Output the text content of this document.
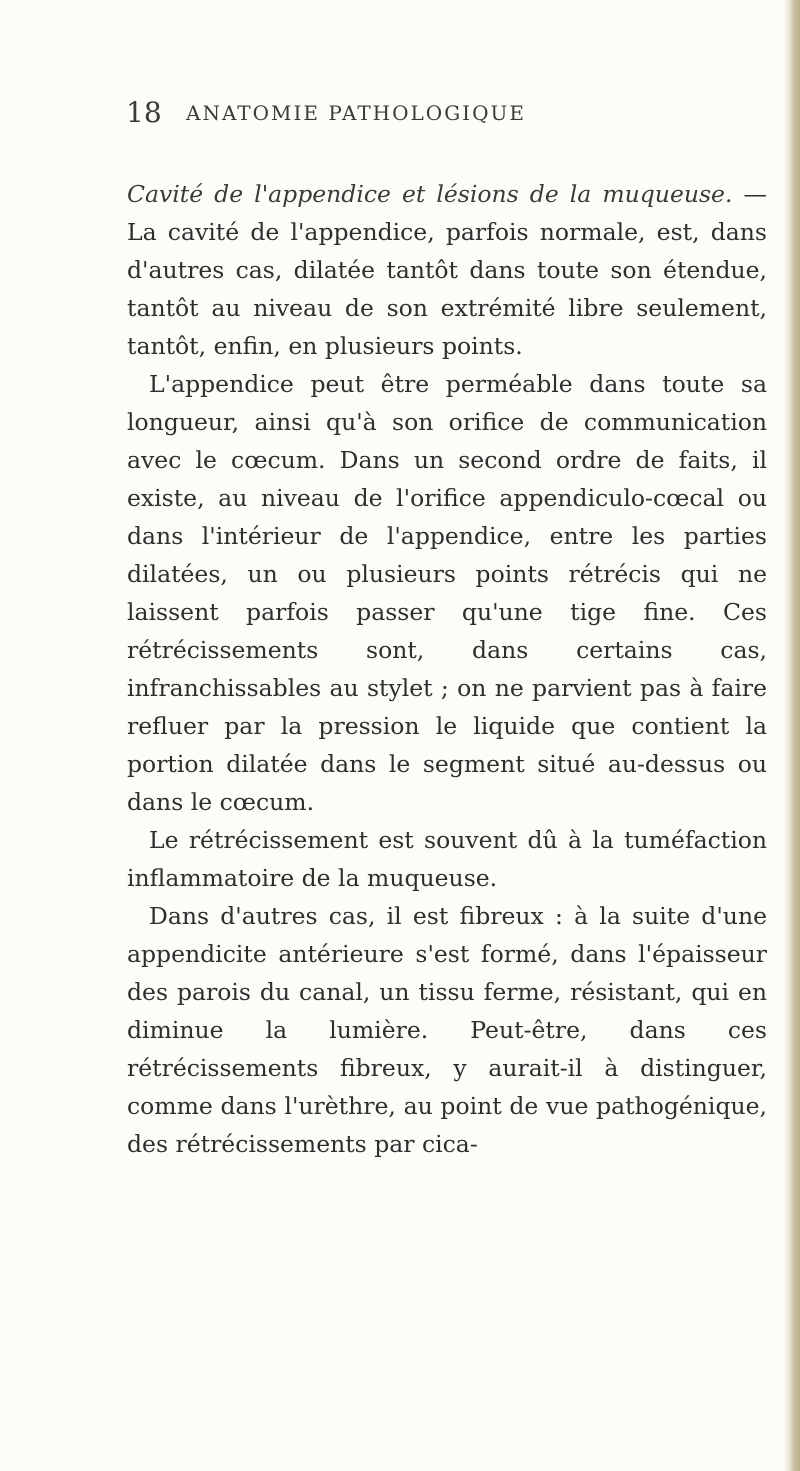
18 ANATOMIE PATHOLOGIQUE

Cavité de l'appendice et lésions de la muqueuse. — La cavité de l'appendice, parfois normale, est, dans d'autres cas, dilatée tantôt dans toute son étendue, tantôt au niveau de son extrémité libre seulement, tantôt, enfin, en plusieurs points.

L'appendice peut être perméable dans toute sa longueur, ainsi qu'à son orifice de communication avec le cœcum. Dans un second ordre de faits, il existe, au niveau de l'orifice appendiculo-cœcal ou dans l'intérieur de l'appendice, entre les parties dilatées, un ou plusieurs points rétrécis qui ne laissent parfois passer qu'une tige fine. Ces rétrécissements sont, dans certains cas, infranchissables au stylet ; on ne parvient pas à faire refluer par la pression le liquide que contient la portion dilatée dans le segment situé au-dessus ou dans le cœcum.

Le rétrécissement est souvent dû à la tuméfaction inflammatoire de la muqueuse.

Dans d'autres cas, il est fibreux : à la suite d'une appendicite antérieure s'est formé, dans l'épaisseur des parois du canal, un tissu ferme, résistant, qui en diminue la lumière. Peut-être, dans ces rétrécissements fibreux, y aurait-il à distinguer, comme dans l'urèthre, au point de vue pathogénique, des rétrécissements par cica-
